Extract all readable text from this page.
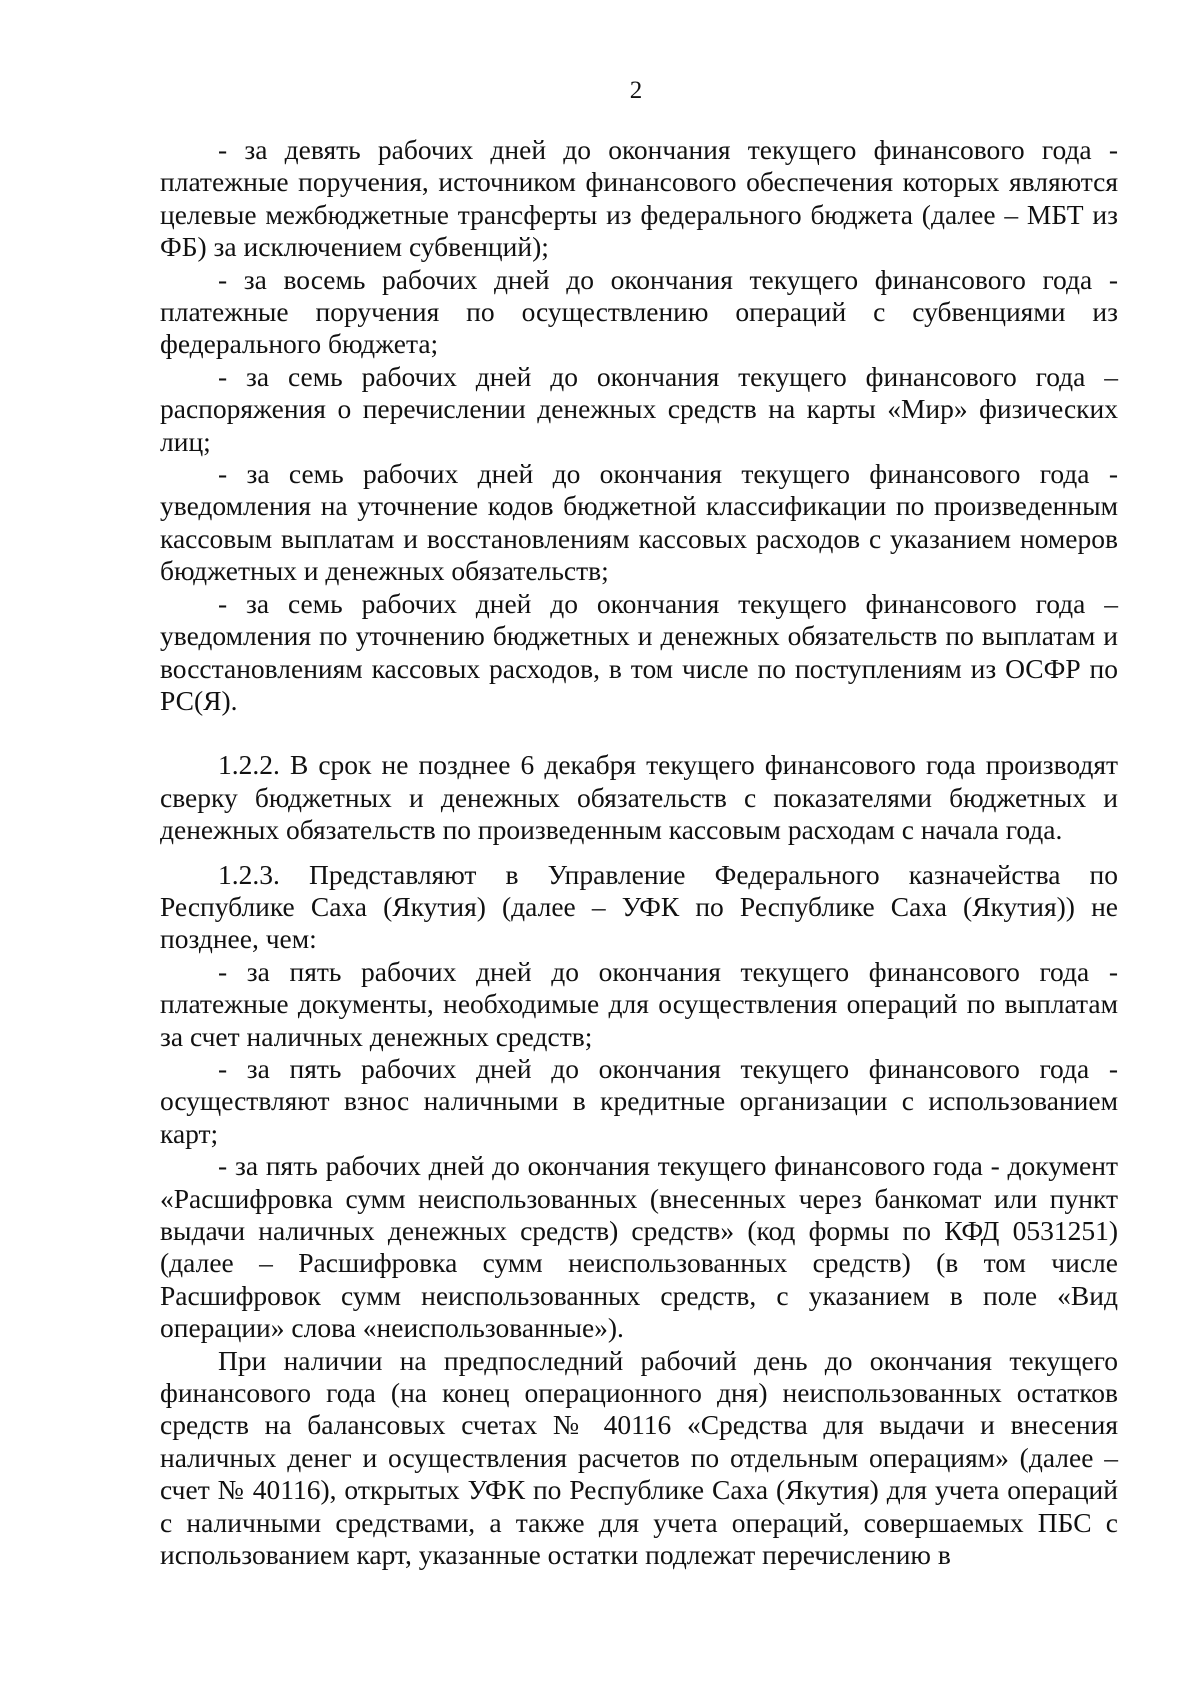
2

- за девять рабочих дней до окончания текущего финансового года - платежные поручения, источником финансового обеспечения которых являются целевые межбюджетные трансферты из федерального бюджета (далее – МБТ из ФБ) за исключением субвенций);

- за восемь рабочих дней до окончания текущего финансового года - платежные поручения по осуществлению операций с субвенциями из федерального бюджета;

- за семь рабочих дней до окончания текущего финансового года – распоряжения о перечислении денежных средств на карты «Мир» физических лиц;

- за семь рабочих дней до окончания текущего финансового года - уведомления на уточнение кодов бюджетной классификации по произведенным кассовым выплатам и восстановлениям кассовых расходов с указанием номеров бюджетных и денежных обязательств;

- за семь рабочих дней до окончания текущего финансового года – уведомления по уточнению бюджетных и денежных обязательств по выплатам и восстановлениям кассовых расходов, в том числе по поступлениям из ОСФР по РС(Я).

1.2.2. В срок не позднее 6 декабря текущего финансового года производят сверку бюджетных и денежных обязательств с показателями бюджетных и денежных обязательств по произведенным кассовым расходам с начала года.

1.2.3. Представляют в Управление Федерального казначейства по Республике Саха (Якутия) (далее – УФК по Республике Саха (Якутия)) не позднее, чем:

- за пять рабочих дней до окончания текущего финансового года - платежные документы, необходимые для осуществления операций по выплатам за счет наличных денежных средств;

- за пять рабочих дней до окончания текущего финансового года - осуществляют взнос наличными в кредитные организации с использованием карт;

- за пять рабочих дней до окончания текущего финансового года - документ «Расшифровка сумм неиспользованных (внесенных через банкомат или пункт выдачи наличных денежных средств) средств» (код формы по КФД 0531251) (далее – Расшифровка сумм неиспользованных средств) (в том числе Расшифровок сумм неиспользованных средств, с указанием в поле «Вид операции» слова «неиспользованные»).

При наличии на предпоследний рабочий день до окончания текущего финансового года (на конец операционного дня) неиспользованных остатков средств на балансовых счетах № 40116 «Средства для выдачи и внесения наличных денег и осуществления расчетов по отдельным операциям» (далее – счет № 40116), открытых УФК по Республике Саха (Якутия) для учета операций с наличными средствами, а также для учета операций, совершаемых ПБС с использованием карт, указанные остатки подлежат перечислению в
